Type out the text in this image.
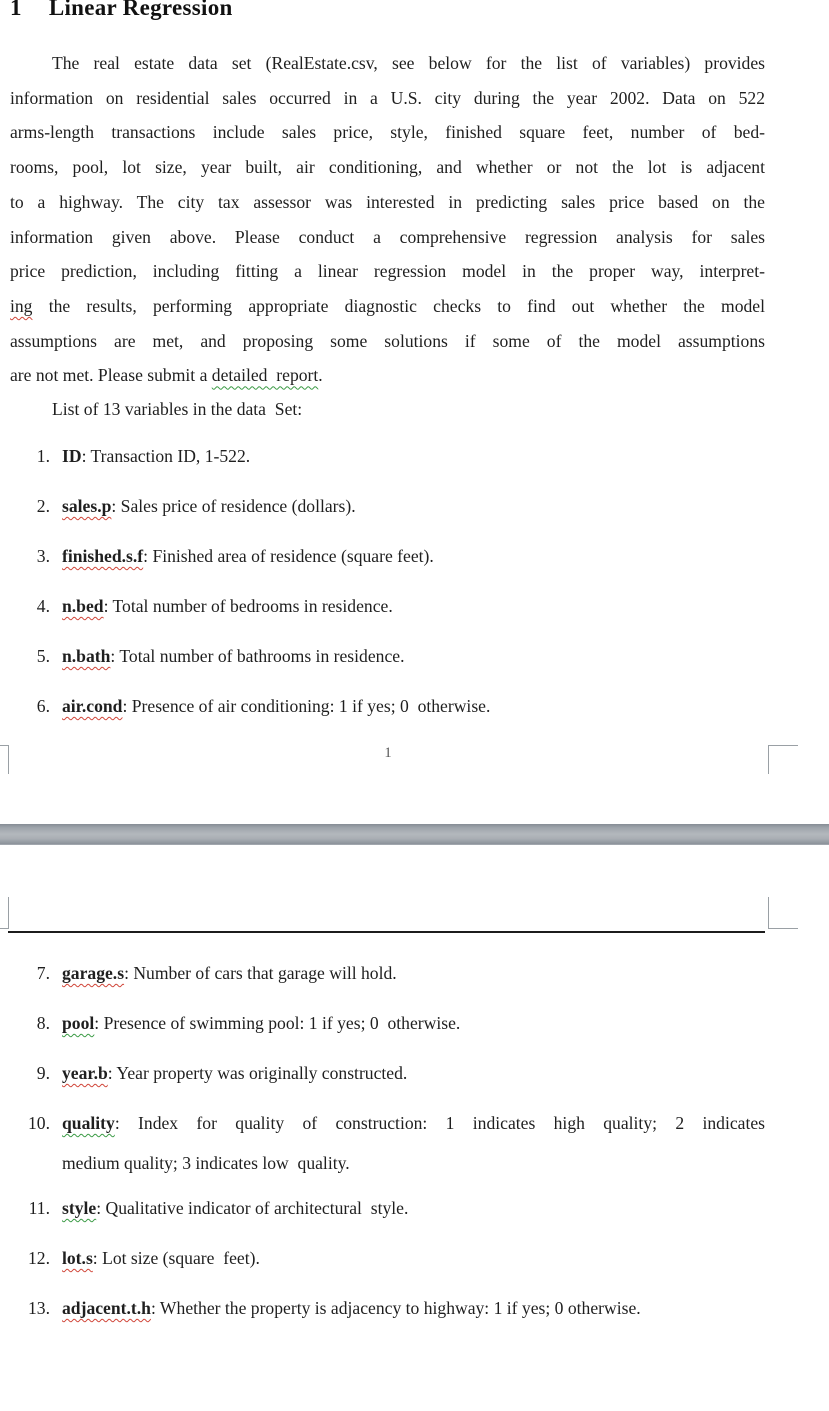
1 Linear Regression
The real estate data set (RealEstate.csv, see below for the list of variables) provides
information on residential sales occurred in a U.S. city during the year 2002. Data on 522
arms-length transactions include sales price, style, finished square feet, number of bed-
rooms, pool, lot size, year built, air conditioning, and whether or not the lot is adjacent
to a highway. The city tax assessor was interested in predicting sales price based on the
information given above. Please conduct a comprehensive regression analysis for sales
price prediction, including fitting a linear regression model in the proper way, interpret-
ing the results, performing appropriate diagnostic checks to find out whether the model
assumptions are met, and proposing some solutions if some of the model assumptions
are not met. Please submit a detailed  report.
List of 13 variables in the data  Set:
1. ID: Transaction ID, 1-522.
2. sales.p: Sales price of residence (dollars).
3. finished.s.f: Finished area of residence (square feet).
4. n.bed: Total number of bedrooms in residence.
5. n.bath: Total number of bathrooms in residence.
6. air.cond: Presence of air conditioning: 1 if yes; 0  otherwise.
1
7. garage.s: Number of cars that garage will hold.
8. pool: Presence of swimming pool: 1 if yes; 0  otherwise.
9. year.b: Year property was originally constructed.
10. quality: Index for quality of construction: 1 indicates high quality; 2 indicates
medium quality; 3 indicates low  quality.
11. style: Qualitative indicator of architectural  style.
12. lot.s: Lot size (square  feet).
13. adjacent.t.h: Whether the property is adjacency to highway: 1 if yes; 0 otherwise.
